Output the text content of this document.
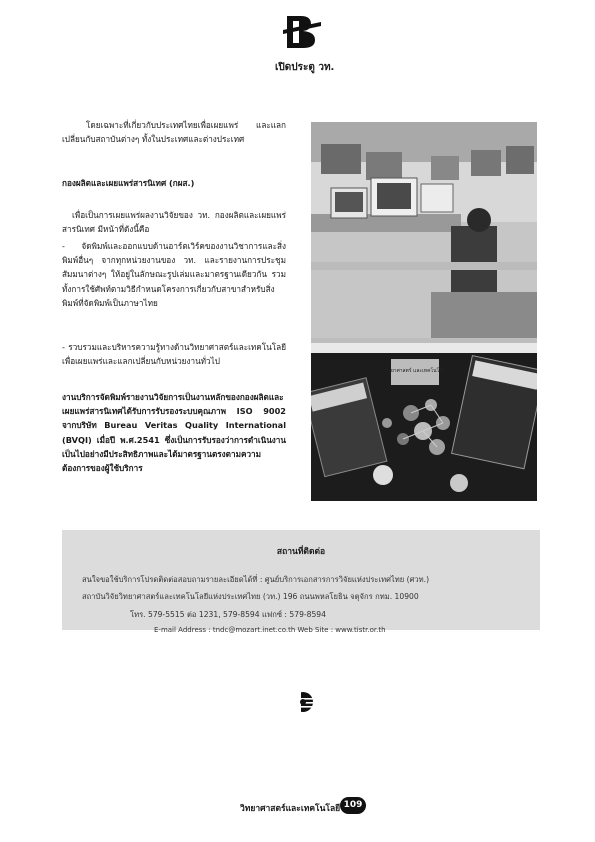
เปิดประตู วท.
โดยเฉพาะที่เกี่ยวกับประเทศไทยเพื่อเผยแพร่ และแลกเปลี่ยนกับสถาบันต่างๆ ทั้งในประเทศและต่างประเทศ
กองผลิตและเผยแพร่สารนิเทศ (กผส.)
เพื่อเป็นการเผยแพร่ผลงานวิจัยของ วท. กองผลิตและเผยแพร่สารนิเทศ มีหน้าที่ดังนี้คือ
- จัดพิมพ์และออกแบบด้านอาร์ตเวิร์คของงานวิชาการและสิ่งพิมพ์อื่นๆ จากทุกหน่วยงานของ วท. และรายงานการประชุมสัมมนาต่างๆ ให้อยู่ในลักษณะรูปเล่มและมาตรฐานเดียวกัน รวมทั้งการใช้ศัพท์ตามวิธีกำหนดโครงการเกี่ยวกับสาขาสำหรับสิ่งพิมพ์ที่จัดพิมพ์เป็นภาษาไทย
- รวบรวมและบริหารความรู้ทางด้านวิทยาศาสตร์และเทคโนโลยี เพื่อเผยแพร่และแลกเปลี่ยนกับหน่วยงานทั่วไป
งานบริการจัดพิมพ์รายงานวิจัยการเป็นงานหลักของกองผลิตและเผยแพร่สารนิเทศได้รับการรับรองระบบคุณภาพ ISO 9002 จากบริษัท Bureau Veritas Quality International (BVQI) เมื่อปี พ.ศ.2541 ซึ่งเป็นการรับรองว่าการดำเนินงานเป็นไปอย่างมีประสิทธิภาพและได้มาตรฐานตรงตามความต้องการของผู้ใช้บริการ
วิทยาศาสตร์ และเทคโนโลยี
สถานที่ติดต่อ
สนใจขอใช้บริการโปรดติดต่อสอบถามรายละเอียดได้ที่ : ศูนย์บริการเอกสารการวิจัยแห่งประเทศไทย (ศวท.)
สถาบันวิจัยวิทยาศาสตร์และเทคโนโลยีแห่งประเทศไทย (วท.) 196 ถนนพหลโยธิน จตุจักร กทม. 10900
โทร. 579-5515 ต่อ 1231, 579-8594 แฟกซ์ : 579-8594
E-mail Address : tndc@mozart.inet.co.th Web Site : www.tistr.or.th
วิทยาศาสตร์และเทคโนโลยี 109
